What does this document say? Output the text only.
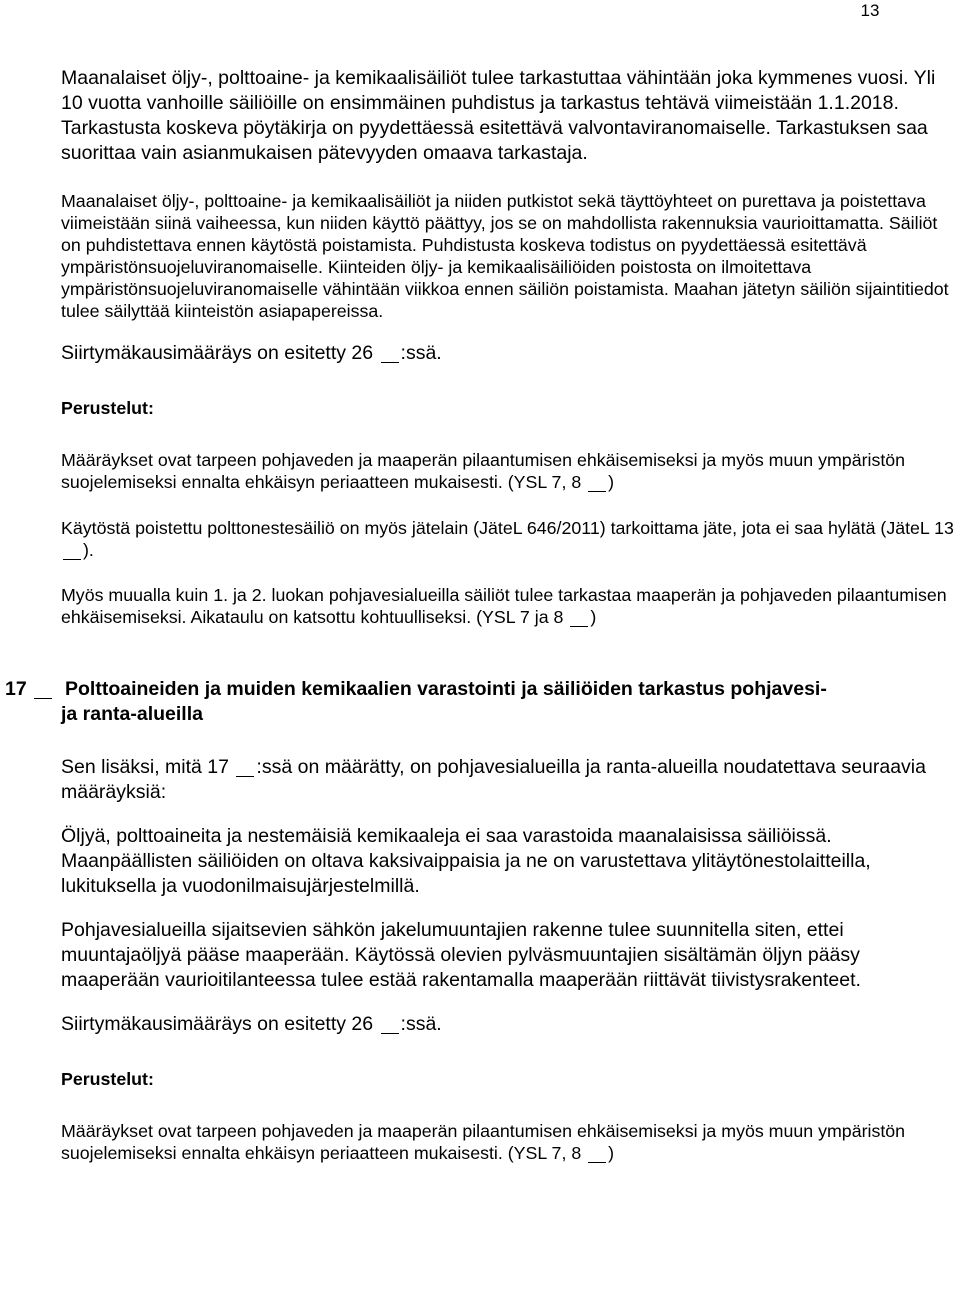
13

Maanalaiset öljy-, polttoaine- ja kemikaalisäiliöt tulee tarkastuttaa vähintään joka kymmenes vuosi. Yli 10 vuotta vanhoille säiliöille on ensimmäinen puhdistus ja tarkastus tehtävä viimeistään 1.1.2018. Tarkastusta koskeva pöytäkirja on pyydettäessä esitettävä valvontaviranomaiselle. Tarkastuksen saa suorittaa vain asianmukaisen pätevyyden omaava tarkastaja.

Maanalaiset öljy-, polttoaine- ja kemikaalisäiliöt ja niiden putkistot sekä täyttöyhteet on purettava ja poistettava viimeistään siinä vaiheessa, kun niiden käyttö päättyy, jos se on mahdollista rakennuksia vaurioittamatta. Säiliöt on puhdistettava ennen käytöstä poistamista. Puhdistusta koskeva todistus on pyydettäessä esitettävä ympäristönsuojeluviranomaiselle. Kiinteiden öljy- ja kemikaalisäiliöiden poistosta on ilmoitettava ympäristönsuojeluviranomaiselle vähintään viikkoa ennen säiliön poistamista. Maahan jätetyn säiliön sijaintitiedot tulee säilyttää kiinteistön asiapapereissa.

Siirtymäkausimääräys on esitetty 26 :ssä.

Perustelut:

Määräykset ovat tarpeen pohjaveden ja maaperän pilaantumisen ehkäisemiseksi ja myös muun ympäristön suojelemiseksi ennalta ehkäisyn periaatteen mukaisesti. (YSL 7, 8 )

Käytöstä poistettu polttonestesäiliö on myös jätelain (JäteL 646/2011) tarkoittama jäte, jota ei saa hylätä (JäteL 13 ).

Myös muualla kuin 1. ja 2. luokan pohjavesialueilla säiliöt tulee tarkastaa maaperän ja pohjaveden pilaantumisen ehkäisemiseksi. Aikataulu on katsottu kohtuulliseksi. (YSL 7 ja 8 )

17 Polttoaineiden ja muiden kemikaalien varastointi ja säiliöiden tarkastus pohjavesi-
ja ranta-alueilla

Sen lisäksi, mitä 17 :ssä on määrätty, on pohjavesialueilla ja ranta-alueilla noudatettava seuraavia määräyksiä:

Öljyä, polttoaineita ja nestemäisiä kemikaaleja ei saa varastoida maanalaisissa säiliöissä. Maanpäällisten säiliöiden on oltava kaksivaippaisia ja ne on varustettava ylitäytönestolaitteilla, lukituksella ja vuodonilmaisujärjestelmillä.

Pohjavesialueilla sijaitsevien sähkön jakelumuuntajien rakenne tulee suunnitella siten, ettei muuntajaöljyä pääse maaperään. Käytössä olevien pylväsmuuntajien sisältämän öljyn pääsy maaperään vaurioitilanteessa tulee estää rakentamalla maaperään riittävät tiivistysrakenteet.

Siirtymäkausimääräys on esitetty 26 :ssä.

Perustelut:

Määräykset ovat tarpeen pohjaveden ja maaperän pilaantumisen ehkäisemiseksi ja myös muun ympäristön suojelemiseksi ennalta ehkäisyn periaatteen mukaisesti. (YSL 7, 8 )
